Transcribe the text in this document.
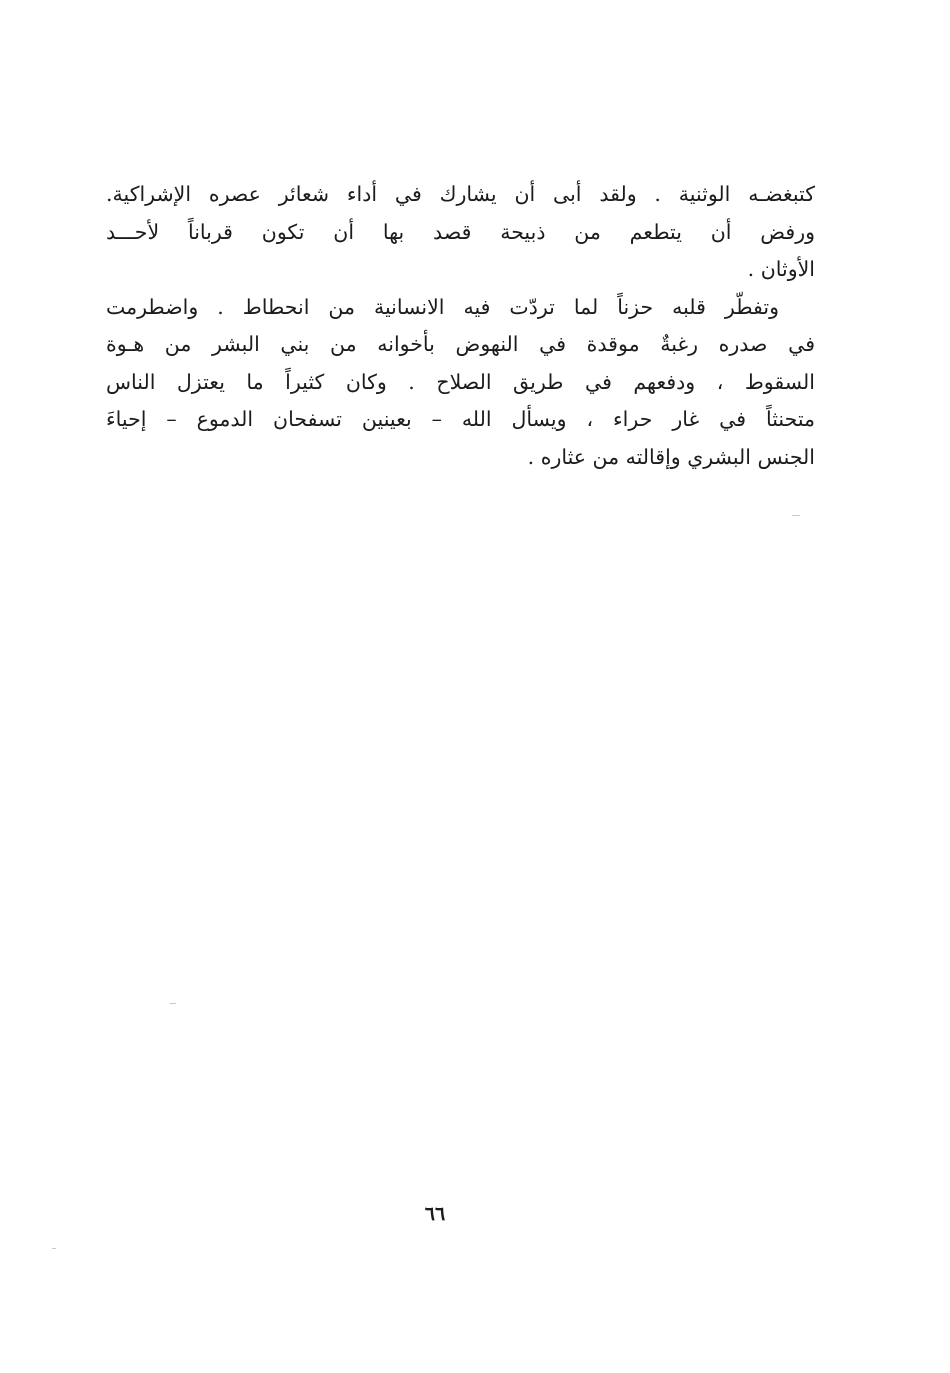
كتبغضـه الوثنية . ولقد أبى أن يشارك في أداء شعائر عصره الإشراكية.
ورفض أن يتطعم من ذبيحة قصد بها أن تكون قرباناً لأحـــد
الأوثان .
وتفطّر قلبه حزناً لما تردّت فيه الانسانية من انحطاط . واضطرمت
في صدره رغبةٌ موقدة في النهوض بأخوانه من بني البشر من هـوة
السقوط ، ودفعهم في طريق الصلاح . وكان كثيراً ما يعتزل الناس
متحنثاً في غار حراء ، ويسأل الله – بعينين تسفحان الدموع – إحياءَ
الجنس البشري وإقالته من عثاره .
٦٦
